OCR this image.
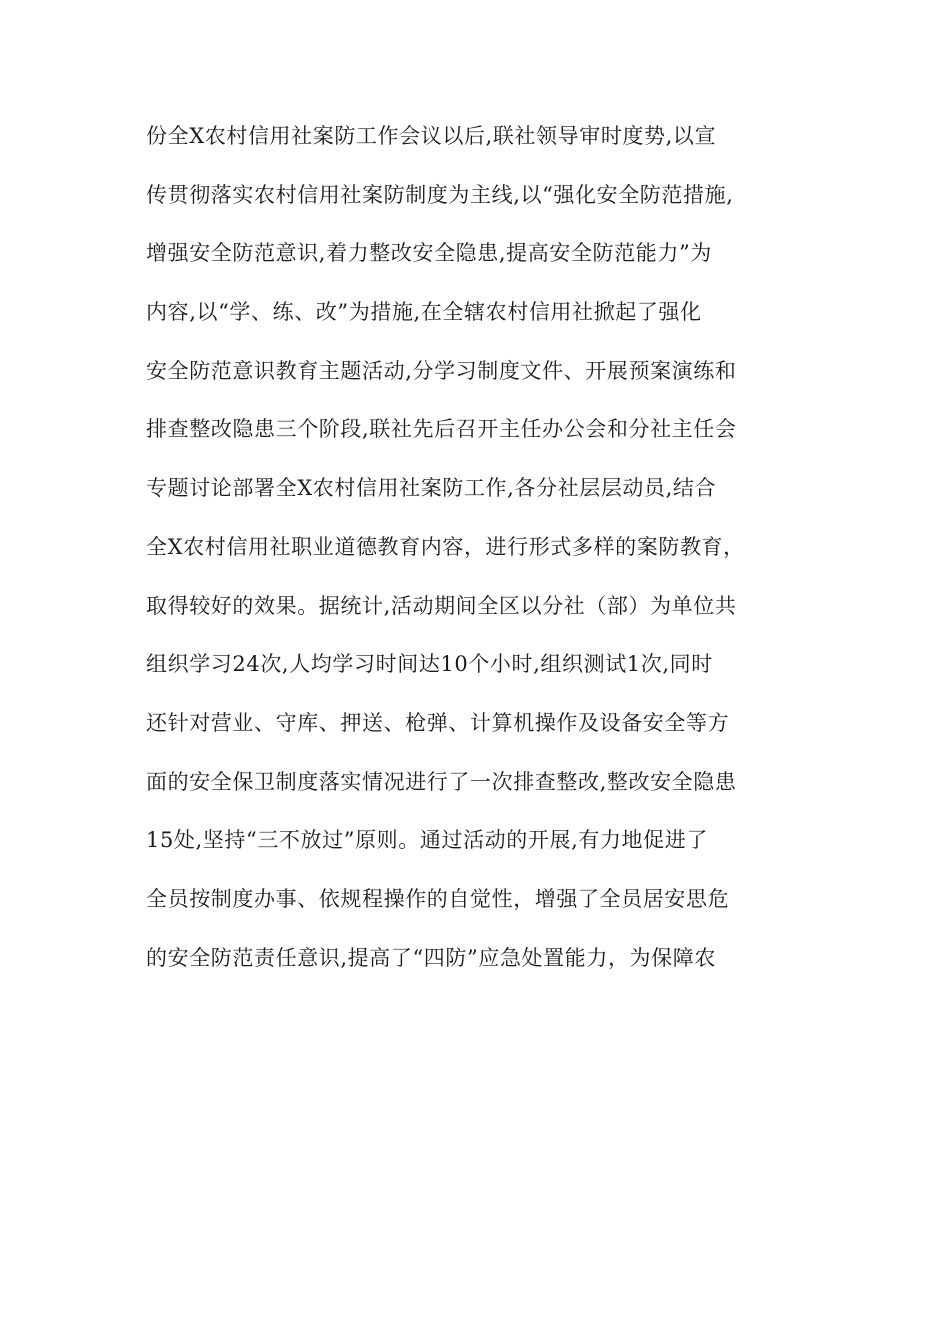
份全X农村信用社案防工作会议以后,联社领导审时度势,以宣
传贯彻落实农村信用社案防制度为主线,以“强化安全防范措施,
增强安全防范意识,着力整改安全隐患,提高安全防范能力”为
内容,以“学、练、改”为措施,在全辖农村信用社掀起了强化
安全防范意识教育主题活动,分学习制度文件、开展预案演练和
排查整改隐患三个阶段,联社先后召开主任办公会和分社主任会
专题讨论部署全X农村信用社案防工作,各分社层层动员,结合
全X农村信用社职业道德教育内容，进行形式多样的案防教育，
取得较好的效果。据统计,活动期间全区以分社（部）为单位共
组织学习24次,人均学习时间达10个小时,组织测试1次,同时
还针对营业、守库、押送、枪弹、计算机操作及设备安全等方
面的安全保卫制度落实情况进行了一次排查整改,整改安全隐患
15处,坚持“三不放过”原则。通过活动的开展,有力地促进了
全员按制度办事、依规程操作的自觉性，增强了全员居安思危
的安全防范责任意识,提高了“四防”应急处置能力，为保障农
